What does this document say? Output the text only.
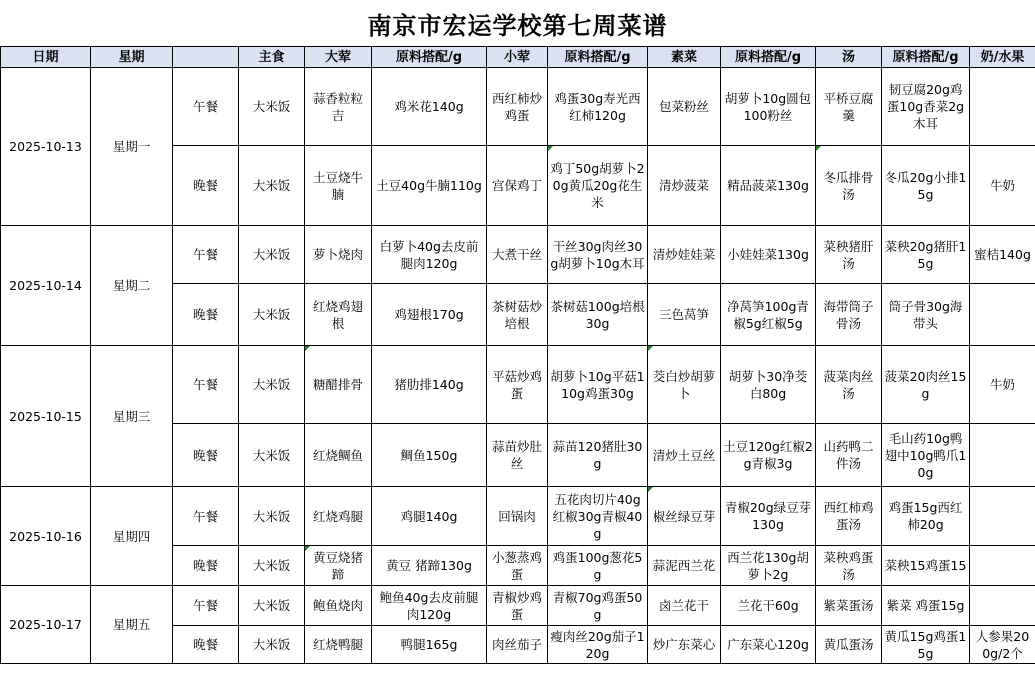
南京市宏运学校第七周菜谱
日期	星期		主食	大荤	原料搭配/g	小荤	原料搭配/g	素菜	原料搭配/g	汤	原料搭配/g	奶/水果
2025-10-13	星期一	午餐	大米饭	蒜香粒粒吉	鸡米花140g	西红柿炒鸡蛋	鸡蛋30g寿光西红柿120g	包菜粉丝	胡萝卜10g圆包100粉丝	平桥豆腐羹	韧豆腐20g鸡蛋10g香菜2g木耳	
		晚餐	大米饭	土豆烧牛腩	土豆40g牛腩110g	宫保鸡丁	鸡丁50g胡萝卜20g黄瓜20g花生米	清炒菠菜	精品菠菜130g	冬瓜排骨汤	冬瓜20g小排15g	牛奶
2025-10-14	星期二	午餐	大米饭	萝卜烧肉	白萝卜40g去皮前腿肉120g	大煮干丝	干丝30g肉丝30g胡萝卜10g木耳	清炒娃娃菜	小娃娃菜130g	菜秧猪肝汤	菜秧20g猪肝15g	蜜桔140g
		晚餐	大米饭	红烧鸡翅根	鸡翅根170g	茶树菇炒培根	茶树菇100g培根30g	三色莴笋	净莴笋100g青椒5g红椒5g	海带筒子骨汤	筒子骨30g海带头	
2025-10-15	星期三	午餐	大米饭	糖醋排骨	猪肋排140g	平菇炒鸡蛋	胡萝卜10g平菇110g鸡蛋30g	茭白炒胡萝卜	胡萝卜30净茭白80g	菠菜肉丝汤	菠菜20肉丝15g	牛奶
		晚餐	大米饭	红烧鲷鱼	鲷鱼150g	蒜苗炒肚丝	蒜苗120猪肚30g	清炒土豆丝	土豆120g红椒2g青椒3g	山药鸭二件汤	毛山药10g鸭翅中10g鸭爪10g	
2025-10-16	星期四	午餐	大米饭	红烧鸡腿	鸡腿140g	回锅肉	五花肉切片40g红椒30g青椒40g	椒丝绿豆芽	青椒20g绿豆芽130g	西红柿鸡蛋汤	鸡蛋15g西红柿20g	
		晚餐	大米饭	黄豆烧猪蹄	黄豆 猪蹄130g	小葱蒸鸡蛋	鸡蛋100g葱花5g	蒜泥西兰花	西兰花130g胡萝卜2g	菜秧鸡蛋汤	菜秧15鸡蛋15	
2025-10-17	星期五	午餐	大米饭	鲍鱼烧肉	鲍鱼40g去皮前腿肉120g	青椒炒鸡蛋	青椒70g鸡蛋50g	卤兰花干	兰花干60g	紫菜蛋汤	紫菜 鸡蛋15g	
		晚餐	大米饭	红烧鸭腿	鸭腿165g	肉丝茄子	瘦肉丝20g茄子120g	炒广东菜心	广东菜心120g	黄瓜蛋汤	黄瓜15g鸡蛋15g	人参果200g/2个
